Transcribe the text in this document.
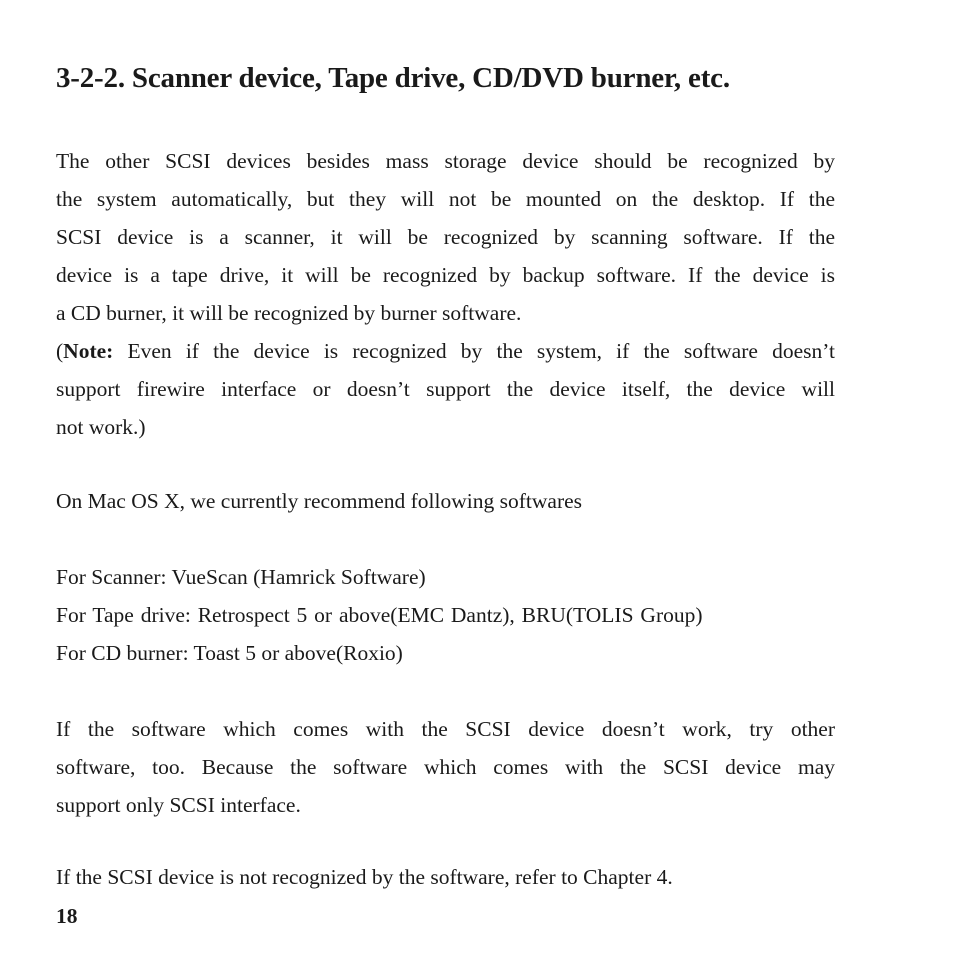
3-2-2. Scanner device, Tape drive, CD/DVD burner, etc.
The other SCSI devices besides mass storage device should be recognized by
the system automatically, but they will not be mounted on the desktop. If the
SCSI device is a scanner, it will be recognized by scanning software. If the
device is a tape drive, it will be recognized by backup software. If the device is
a CD burner, it will be recognized by burner software.
(Note: Even if the device is recognized by the system, if the software doesn’t
support firewire interface or doesn’t support the device itself, the device will
not work.)
On Mac OS X, we currently recommend following softwares
For Scanner: VueScan (Hamrick Software)
For Tape drive: Retrospect 5 or above(EMC Dantz), BRU(TOLIS Group)
For CD burner: Toast 5 or above(Roxio)
If the software which comes with the SCSI device doesn’t work, try other
software, too. Because the software which comes with the SCSI device may
support only SCSI interface.
If the SCSI device is not recognized by the software, refer to Chapter 4.
18
